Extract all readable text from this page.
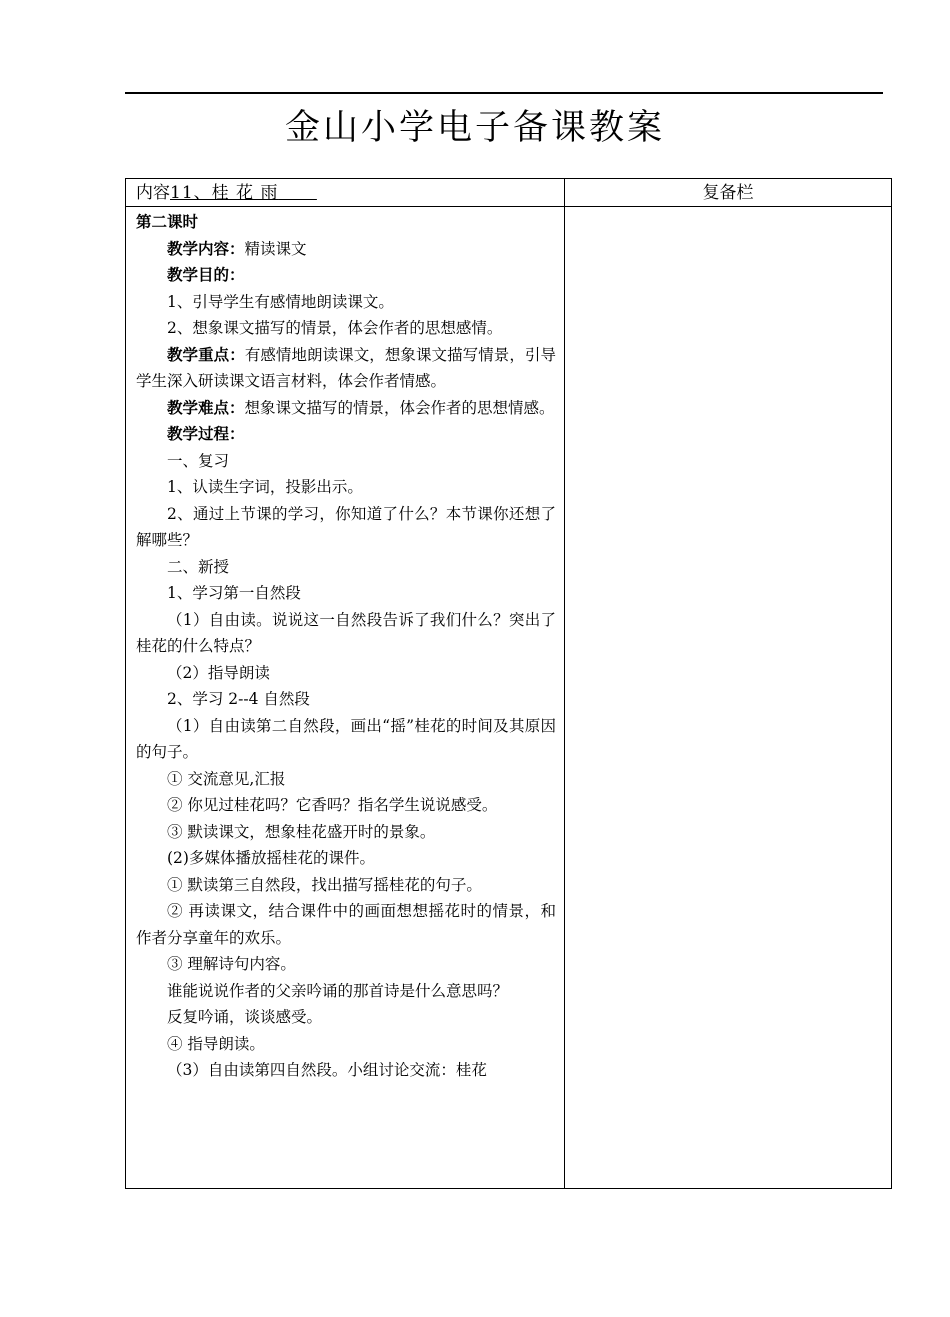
金山小学电子备课教案
内容11、桂 花 雨	复备栏

第二课时

教学内容：精读课文

教学目的：

1、引导学生有感情地朗读课文。

2、想象课文描写的情景，体会作者的思想感情。

教学重点：有感情地朗读课文，想象课文描写情景，引导学生深入研读课文语言材料，体会作者情感。

教学难点：想象课文描写的情景，体会作者的思想情感。

教学过程：

一、复习

1、认读生字词，投影出示。

2、通过上节课的学习，你知道了什么？本节课你还想了解哪些？

二、新授

1、学习第一自然段

（1）自由读。说说这一自然段告诉了我们什么？突出了桂花的什么特点？

（2）指导朗读

2、学习 2--4 自然段

（1）自由读第二自然段，画出“摇”桂花的时间及其原因的句子。

① 交流意见,汇报

② 你见过桂花吗？它香吗？指名学生说说感受。

③ 默读课文，想象桂花盛开时的景象。

(2)多媒体播放摇桂花的课件。

① 默读第三自然段，找出描写摇桂花的句子。

② 再读课文，结合课件中的画面想想摇花时的情景，和作者分享童年的欢乐。

③ 理解诗句内容。

谁能说说作者的父亲吟诵的那首诗是什么意思吗？

反复吟诵，谈谈感受。

④ 指导朗读。

（3）自由读第四自然段。小组讨论交流：桂花
